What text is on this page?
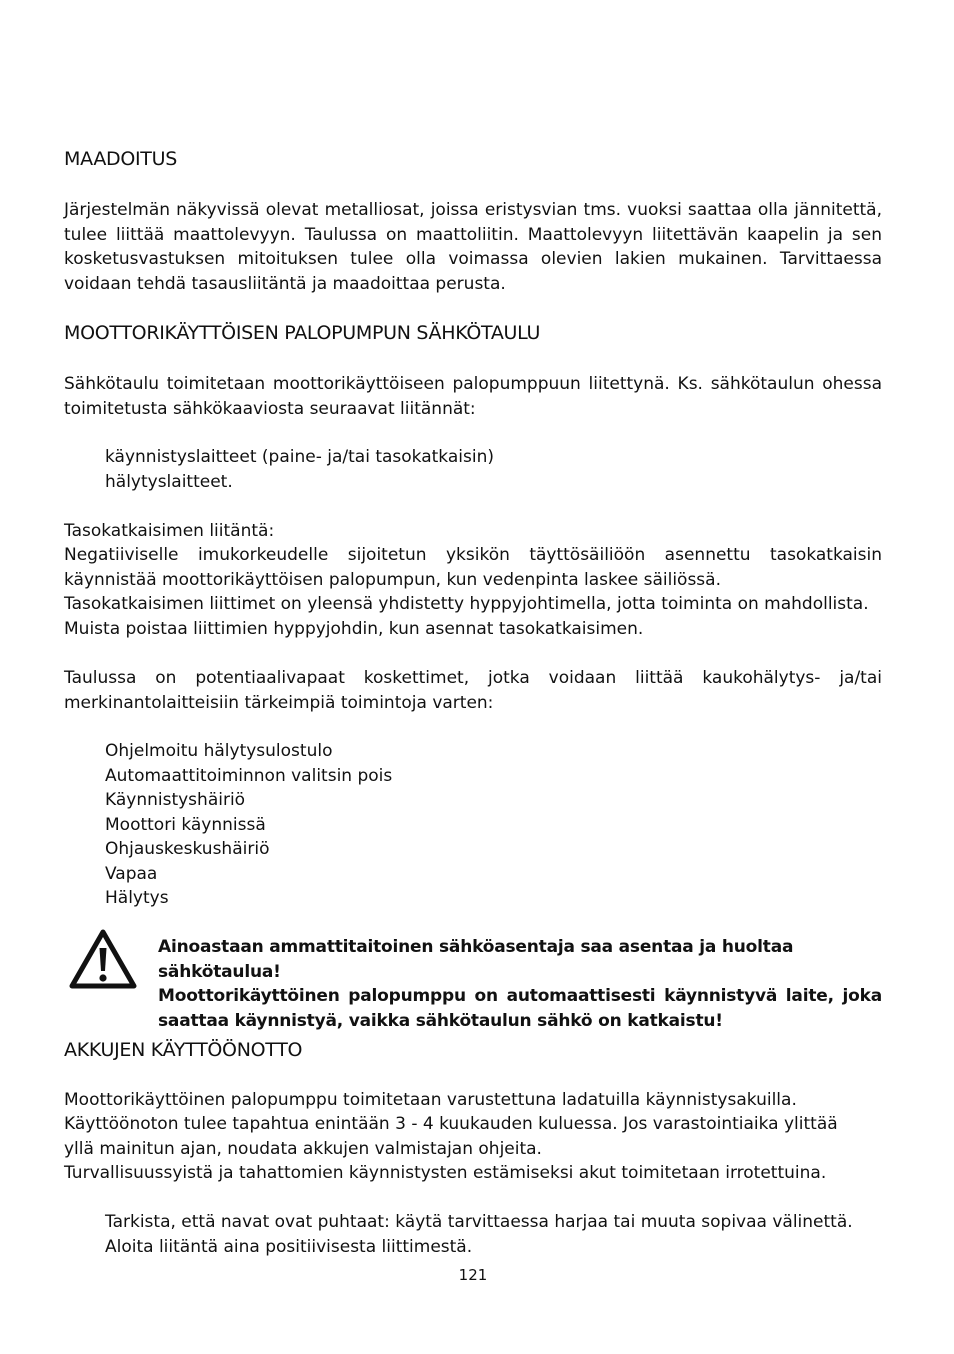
MAADOITUS
Järjestelmän näkyvissä olevat metalliosat, joissa eristysvian tms. vuoksi saattaa olla jännitettä, tulee liittää maattolevyyn. Taulussa on maattoliitin. Maattolevyyn liitettävän kaapelin ja sen kosketusvastuksen mitoituksen tulee olla voimassa olevien lakien mukainen. Tarvittaessa voidaan tehdä tasausliitäntä ja maadoittaa perusta.
MOOTTORIKÄYTTÖISEN PALOPUMPUN SÄHKÖTAULU
Sähkötaulu toimitetaan moottorikäyttöiseen palopumppuun liitettynä. Ks. sähkötaulun ohessa toimitetusta sähkökaaviosta seuraavat liitännät:
käynnistyslaitteet (paine- ja/tai tasokatkaisin)
hälytyslaitteet.
Tasokatkaisimen liitäntä:
Negatiiviselle imukorkeudelle sijoitetun yksikön täyttösäiliöön asennettu tasokatkaisin käynnistää moottorikäyttöisen palopumpun, kun vedenpinta laskee säiliössä.
Tasokatkaisimen liittimet on yleensä yhdistetty hyppyjohtimella, jotta toiminta on mahdollista.
Muista poistaa liittimien hyppyjohdin, kun asennat tasokatkaisimen.
Taulussa on potentiaalivapaat koskettimet, jotka voidaan liittää kaukohälytys- ja/tai merkinantolaitteisiin tärkeimpiä toimintoja varten:
Ohjelmoitu hälytysulostulo
Automaattitoiminnon valitsin pois
Käynnistyshäiriö
Moottori käynnissä
Ohjauskeskushäiriö
Vapaa
Hälytys
Ainoastaan ammattitaitoinen sähköasentaja saa asentaa ja huoltaa sähkötaulua!
Moottorikäyttöinen palopumppu on automaattisesti käynnistyvä laite, joka saattaa käynnistyä, vaikka sähkötaulun sähkö on katkaistu!
AKKUJEN KÄYTTÖÖNOTTO
Moottorikäyttöinen palopumppu toimitetaan varustettuna ladatuilla käynnistysakuilla.
Käyttöönoton tulee tapahtua enintään 3 - 4 kuukauden kuluessa. Jos varastointiaika ylittää yllä mainitun ajan, noudata akkujen valmistajan ohjeita.
Turvallisuussyistä ja tahattomien käynnistysten estämiseksi akut toimitetaan irrotettuina.
Tarkista, että navat ovat puhtaat: käytä tarvittaessa harjaa tai muuta sopivaa välinettä.
Aloita liitäntä aina positiivisesta liittimestä.
121
